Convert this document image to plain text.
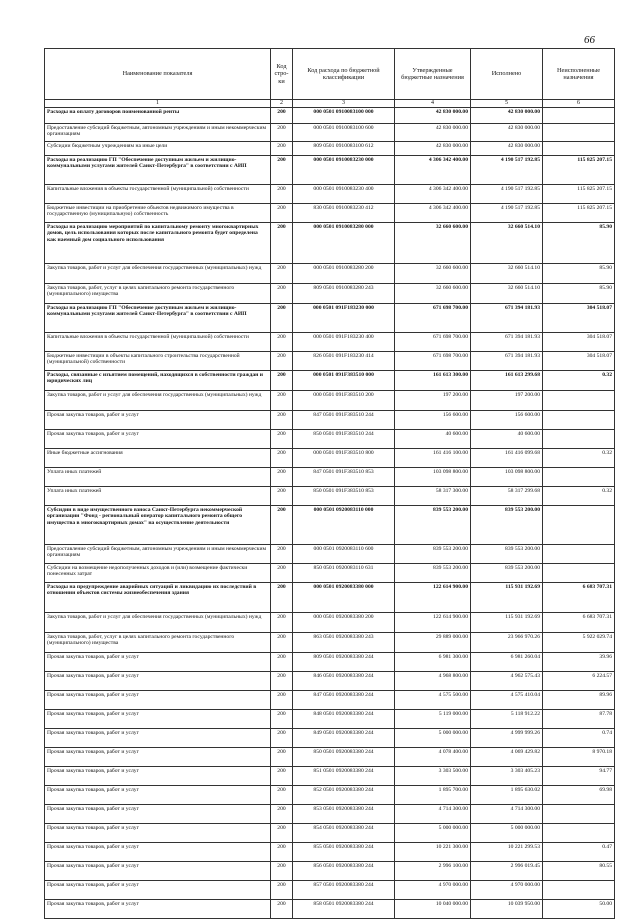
66
Наименование показателя	Код стро-ки	Код расхода по бюджетной классификации	Утвержденные бюджетные назначения	Исполнено	Неисполненные назначения
1	2	3	4	5	6
Расходы на оплату договоров поименованной ренты	200	000 0501 0910083100 000	42 830 000.00	42 830 000.00	
Предоставление субсидий бюджетным, автономным учреждениям и иным некоммерческим организациям	200	000 0501 0910083100 600	42 830 000.00	42 830 000.00	
Субсидии бюджетным учреждениям на иные цели	200	809 0501 0910083100 612	42 830 000.00	42 830 000.00	
Расходы на реализацию ГП "Обеспечение доступным жильем и жилищно-коммунальными услугами жителей Санкт-Петербурга" в соответствии с АИП	200	000 0501 0910083230 000	4 306 342 400.00	4 190 517 192.85	115 825 207.15
Капитальные вложения в объекты государственной (муниципальной) собственности	200	000 0501 0910083230 400	4 306 342 400.00	4 190 517 192.85	115 825 207.15
Бюджетные инвестиции на приобретение объектов недвижимого имущества в государственную (муниципальную) собственность	200	830 0501 0910083230 412	4 306 342 400.00	4 190 517 192.85	115 825 207.15
Расходы на реализацию мероприятий по капитальному ремонту многоквартирных домов, цель использования которых после капитального ремонта будет определена как наемный дом социального использования	200	000 0501 0910083280 000	32 660 600.00	32 660 514.10	85.90
Закупка товаров, работ и услуг для обеспечения государственных (муниципальных) нужд	200	000 0501 0910083280 200	32 660 600.00	32 660 514.10	85.90
Закупка товаров, работ, услуг в целях капитального ремонта государственного (муниципального) имущества	200	809 0501 0910083280 243	32 660 600.00	32 660 514.10	85.90
Расходы на реализацию ГП "Обеспечение доступным жильем и жилищно-коммунальными услугами жителей Санкт-Петербурга" в соответствии с АИП	200	000 0501 091F183230 000	671 698 700.00	671 394 181.93	304 518.07
Капитальные вложения в объекты государственной (муниципальной) собственности	200	000 0501 091F183230 400	671 698 700.00	671 394 181.93	304 518.07
Бюджетные инвестиции в объекты капитального строительства государственной (муниципальной) собственности	200	826 0501 091F183230 414	671 698 700.00	671 394 181.93	304 518.07
Расходы, связанные с изъятием помещений, находящихся в собственности граждан и юридических лиц	200	000 0501 091F383510 000	161 613 300.00	161 613 299.68	0.32
Закупка товаров, работ и услуг для обеспечения государственных (муниципальных) нужд	200	000 0501 091F383510 200	197 200.00	197 200.00	
Прочая закупка товаров, работ и услуг	200	847 0501 091F383510 244	156 600.00	156 600.00	
Прочая закупка товаров, работ и услуг	200	850 0501 091F383510 244	40 600.00	40 600.00	
Иные бюджетные ассигнования	200	000 0501 091F383510 800	161 416 100.00	161 416 099.68	0.32
Уплата иных платежей	200	847 0501 091F383510 853	103 098 800.00	103 098 800.00	
Уплата иных платежей	200	850 0501 091F383510 853	58 317 300.00	58 317 299.68	0.32
Субсидии в виде имущественного взноса Санкт-Петербурга некоммерческой организации "Фонд - региональный оператор капитального ремонта общего имущества в многоквартирных домах" на осуществление деятельности	200	000 0501 0920083110 000	839 553 200.00	839 553 200.00	
Предоставление субсидий бюджетным, автономным учреждениям и иным некоммерческим организациям	200	000 0501 0920083110 600	839 553 200.00	839 553 200.00	
Субсидии на возмещение недополученных доходов и (или) возмещение фактически понесенных затрат	200	850 0501 0920083110 631	839 553 200.00	839 553 200.00	
Расходы на предупреждение аварийных ситуаций и ликвидацию их последствий в отношении объектов системы жизнеобеспечения здания	200	000 0501 0920083380 000	122 614 900.00	115 931 192.69	6 683 707.31
Закупка товаров, работ и услуг для обеспечения государственных (муниципальных) нужд	200	000 0501 0920083380 200	122 614 900.00	115 931 192.69	6 683 707.31
Закупка товаров, работ, услуг в целях капитального ремонта государственного (муниципального) имущества	200	863 0501 0920083380 243	29 889 000.00	23 966 970.26	5 922 029.74
Прочая закупка товаров, работ и услуг	200	809 0501 0920083380 244	6 981 300.00	6 981 260.04	39.96
Прочая закупка товаров, работ и услуг	200	846 0501 0920083380 244	4 968 800.00	4 962 575.43	6 224.57
Прочая закупка товаров, работ и услуг	200	847 0501 0920083380 244	4 575 500.00	4 575 410.04	89.96
Прочая закупка товаров, работ и услуг	200	848 0501 0920083380 244	5 119 000.00	5 118 912.22	87.78
Прочая закупка товаров, работ и услуг	200	849 0501 0920083380 244	5 000 000.00	4 999 999.26	0.74
Прочая закупка товаров, работ и услуг	200	850 0501 0920083380 244	4 078 400.00	4 069 429.82	8 970.18
Прочая закупка товаров, работ и услуг	200	851 0501 0920083380 244	3 303 500.00	3 303 405.23	94.77
Прочая закупка товаров, работ и услуг	200	852 0501 0920083380 244	1 895 700.00	1 895 630.02	69.98
Прочая закупка товаров, работ и услуг	200	853 0501 0920083380 244	4 714 300.00	4 714 300.00	
Прочая закупка товаров, работ и услуг	200	854 0501 0920083380 244	5 000 000.00	5 000 000.00	
Прочая закупка товаров, работ и услуг	200	855 0501 0920083380 244	10 221 300.00	10 221 299.53	0.47
Прочая закупка товаров, работ и услуг	200	856 0501 0920083380 244	2 996 100.00	2 996 019.45	80.55
Прочая закупка товаров, работ и услуг	200	857 0501 0920083380 244	4 970 000.00	4 970 000.00	
Прочая закупка товаров, работ и услуг	200	858 0501 0920083380 244	10 040 000.00	10 039 950.00	50.00
